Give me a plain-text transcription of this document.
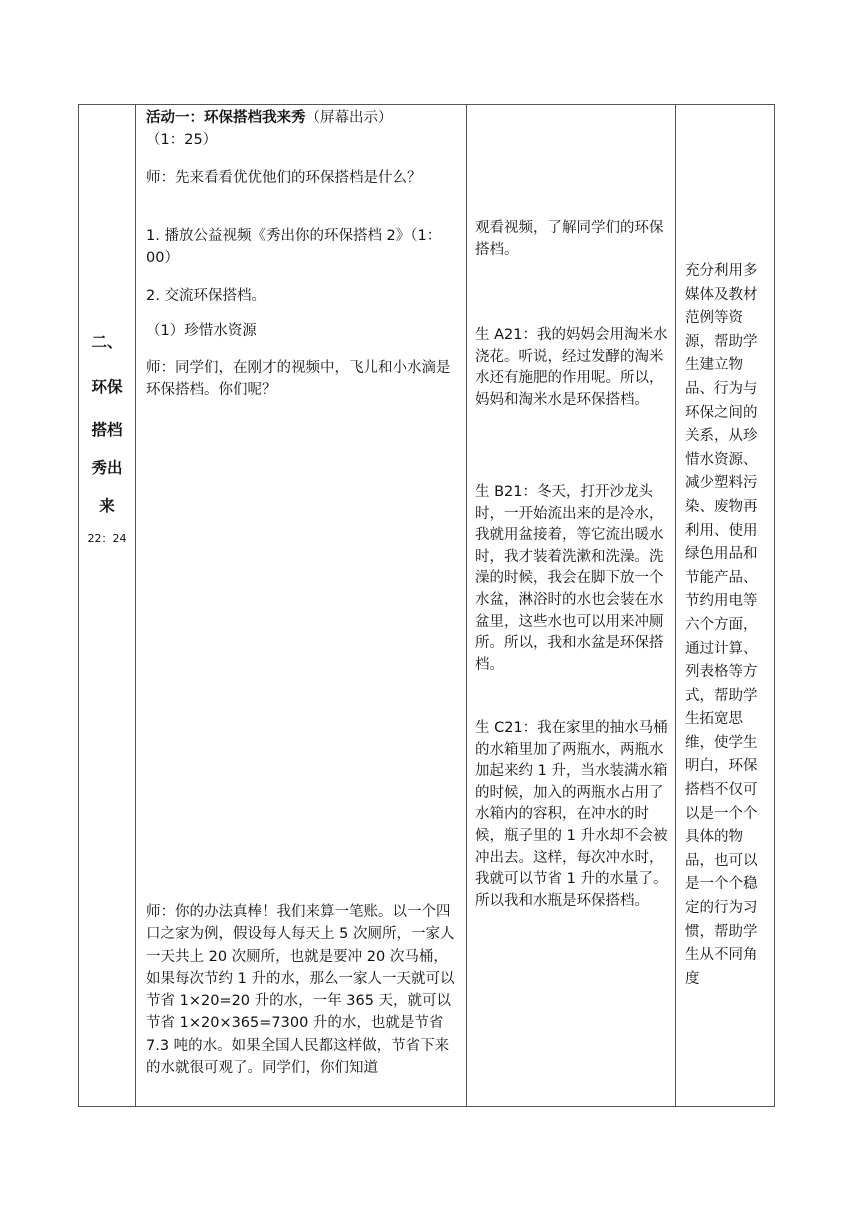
二、
环保
搭档
秀出
来
22：24

活动一：环保搭档我来秀（屏幕出示）

（1：25）

师：先来看看优优他们的环保搭档是什么？

1. 播放公益视频《秀出你的环保搭档 2》（1：00）

2. 交流环保搭档。

（1）珍惜水资源

师：同学们，在刚才的视频中，飞儿和小水滴是环保搭档。你们呢？

师：你的办法真棒！我们来算一笔账。以一个四口之家为例，假设每人每天上 5 次厕所，一家人一天共上 20 次厕所，也就是要冲 20 次马桶，如果每次节约 1 升的水，那么一家人一天就可以节省 1×20=20 升的水，一年 365 天，就可以节省 1×20×365=7300 升的水，也就是节省 7.3 吨的水。如果全国人民都这样做，节省下来的水就很可观了。同学们，你们知道

观看视频，了解同学们的环保搭档。

生 A21：我的妈妈会用淘米水浇花。听说，经过发酵的淘米水还有施肥的作用呢。所以，妈妈和淘米水是环保搭档。

生 B21：冬天，打开沙龙头时，一开始流出来的是冷水，我就用盆接着，等它流出暖水时，我才装着洗漱和洗澡。洗澡的时候，我会在脚下放一个水盆，淋浴时的水也会装在水盆里，这些水也可以用来冲厕所。所以，我和水盆是环保搭档。

生 C21：我在家里的抽水马桶的水箱里加了两瓶水，两瓶水加起来约 1 升，当水装满水箱的时候，加入的两瓶水占用了水箱内的容积，在冲水的时候，瓶子里的 1 升水却不会被冲出去。这样，每次冲水时，我就可以节省 1 升的水量了。所以我和水瓶是环保搭档。

充分利用多媒体及教材范例等资源，帮助学生建立物品、行为与环保之间的关系，从珍惜水资源、减少塑料污染、废物再利用、使用绿色用品和节能产品、节约用电等六个方面，通过计算、列表格等方式，帮助学生拓宽思维，使学生明白，环保搭档不仅可以是一个个具体的物品，也可以是一个个稳定的行为习惯，帮助学生从不同角度
